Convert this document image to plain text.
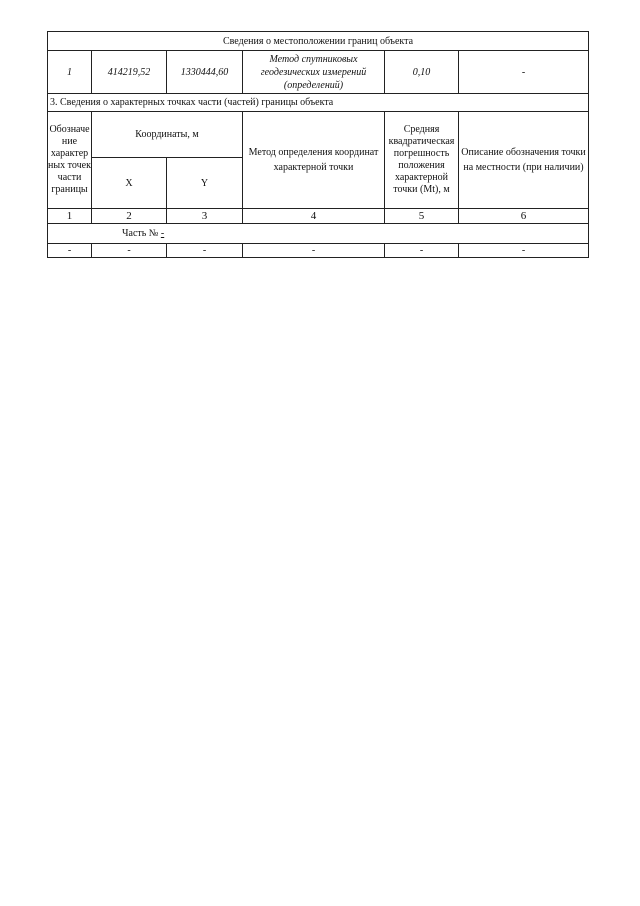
Сведения о местоположении границ объекта					
1	414219,52	1330444,60	Метод спутниковых геодезических измерений (определений)	0,10	-
3. Сведения о характерных точках части (частей) границы объекта					
Обозначе ние характер ных точек части границы	Координаты, м		Метод определения координат характерной точки	Средняя квадратическая погрешность положения характерной точки (Mt), м	Описание обозначения точки на местности (при наличии)
	X	Y			
1	2	3	4	5	6
Часть № -					
-	-	-	-	-	-
